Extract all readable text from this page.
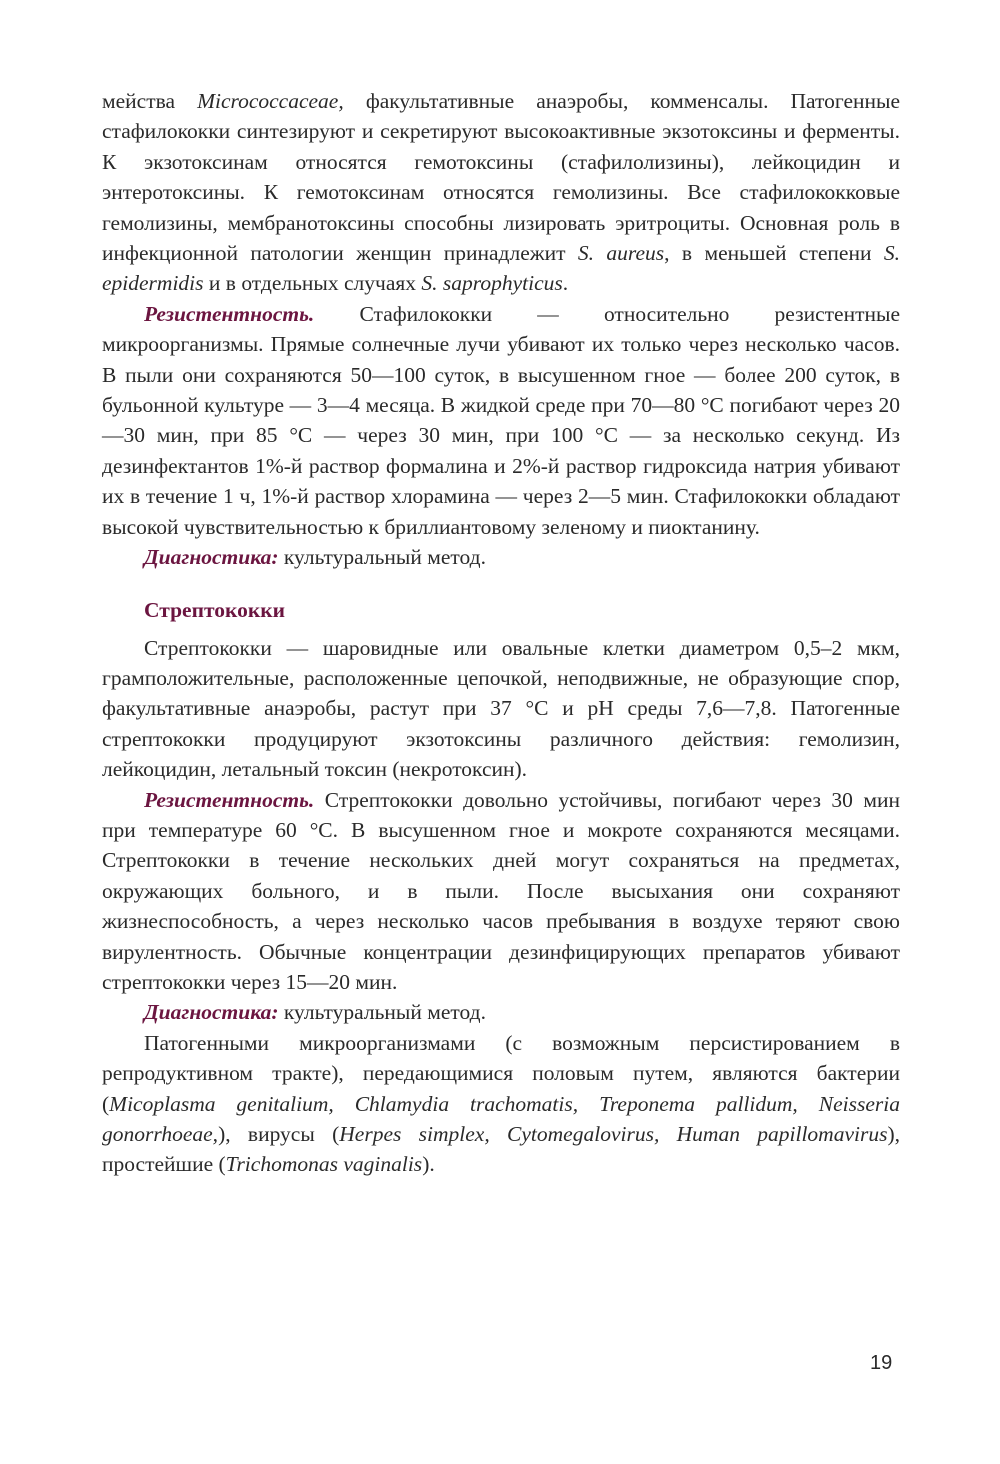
мейства Micrococcaceae, факультативные анаэробы, комменсалы. Патогенные стафилококки синтезируют и секретируют высокоактивные экзотоксины и ферменты. К экзотоксинам относятся гемотоксины (стафилолизины), лейкоцидин и энтеротоксины. К гемотоксинам относятся гемолизины. Все стафилококковые гемолизины, мембранотоксины способны лизировать эритроциты. Основная роль в инфекционной патологии женщин принадлежит S. aureus, в меньшей степени S. epidermidis и в отдельных случаях S. saprophyticus.

Резистентность. Стафилококки — относительно резистентные микроорганизмы. Прямые солнечные лучи убивают их только через несколько часов. В пыли они сохраняются 50—100 суток, в высушенном гное — более 200 суток, в бульонной культуре — 3—4 месяца. В жидкой среде при 70—80 °С погибают через 20—30 мин, при 85 °С — через 30 мин, при 100 °С — за несколько секунд. Из дезинфектантов 1%-й раствор формалина и 2%-й раствор гидроксида натрия убивают их в течение 1 ч, 1%-й раствор хлорамина — через 2—5 мин. Стафилококки обладают высокой чувствительностью к бриллиантовому зеленому и пиоктанину.

Диагностика: культуральный метод.

Стрептококки

Стрептококки — шаровидные или овальные клетки диаметром 0,5–2 мкм, грамположительные, расположенные цепочкой, неподвижные, не образующие спор, факультативные анаэробы, растут при 37 °С и рН среды 7,6—7,8. Патогенные стрептококки продуцируют экзотоксины различного действия: гемолизин, лейкоцидин, летальный токсин (некротоксин).

Резистентность. Стрептококки довольно устойчивы, погибают через 30 мин при температуре 60 °С. В высушенном гное и мокроте сохраняются месяцами. Стрептококки в течение нескольких дней могут сохраняться на предметах, окружающих больного, и в пыли. После высыхания они сохраняют жизнеспособность, а через несколько часов пребывания в воздухе теряют свою вирулентность. Обычные концентрации дезинфицирующих препаратов убивают стрептококки через 15—20 мин.

Диагностика: культуральный метод.

Патогенными микроорганизмами (с возможным персистированием в репродуктивном тракте), передающимися половым путем, являются бактерии (Micoplasma genitalium, Chlamydia trachomatis, Treponema pallidum, Neisseria gonorrhoeae,), вирусы (Herpes simplex, Cytomegalovirus, Human papillomavirus), простейшие (Trichomonas vaginalis).

19
